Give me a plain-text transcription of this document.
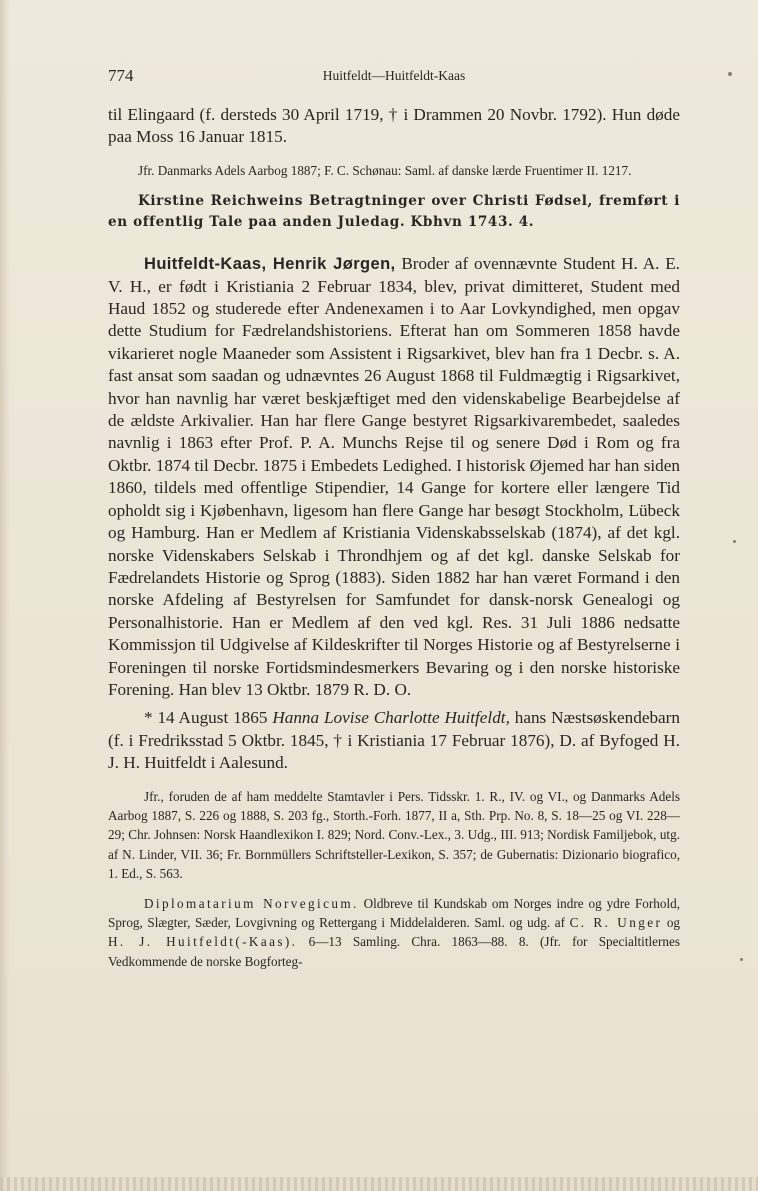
774	Huitfeldt—Huitfeldt-Kaas

til Elingaard (f. dersteds 30 April 1719, † i Drammen 20 Novbr. 1792). Hun døde paa Moss 16 Januar 1815.

Jfr. Danmarks Adels Aarbog 1887; F. C. Schønau: Saml. af danske lærde Fruentimer II. 1217.

Kirstine Reichweins Betragtninger over Christi Fødsel, fremført i en offentlig Tale paa anden Juledag. Kbhvn 1743. 4.

Huitfeldt-Kaas, Henrik Jørgen, Broder af ovennævnte Student H. A. E. V. H., er født i Kristiania 2 Februar 1834, blev, privat dimitteret, Student med Haud 1852 og studerede efter Andenexamen i to Aar Lovkyndighed, men opgav dette Studium for Fædrelandshistoriens. Efterat han om Sommeren 1858 havde vikarieret nogle Maaneder som Assistent i Rigsarkivet, blev han fra 1 Decbr. s. A. fast ansat som saadan og udnævntes 26 August 1868 til Fuldmægtig i Rigsarkivet, hvor han navnlig har været beskjæftiget med den videnskabelige Bearbejdelse af de ældste Arkivalier. Han har flere Gange bestyret Rigsarkivarembedet, saaledes navnlig i 1863 efter Prof. P. A. Munchs Rejse til og senere Død i Rom og fra Oktbr. 1874 til Decbr. 1875 i Embedets Ledighed. I historisk Øjemed har han siden 1860, tildels med offentlige Stipendier, 14 Gange for kortere eller længere Tid opholdt sig i Kjøbenhavn, ligesom han flere Gange har besøgt Stockholm, Lübeck og Hamburg. Han er Medlem af Kristiania Videnskabsselskab (1874), af det kgl. norske Videnskabers Selskab i Throndhjem og af det kgl. danske Selskab for Fædrelandets Historie og Sprog (1883). Siden 1882 har han været Formand i den norske Afdeling af Bestyrelsen for Samfundet for dansk-norsk Genealogi og Personalhistorie. Han er Medlem af den ved kgl. Res. 31 Juli 1886 nedsatte Kommissjon til Udgivelse af Kildeskrifter til Norges Historie og af Bestyrelserne i Foreningen til norske Fortidsmindesmerkers Bevaring og i den norske historiske Forening. Han blev 13 Oktbr. 1879 R. D. O.

* 14 August 1865 Hanna Lovise Charlotte Huitfeldt, hans Næstsøskendebarn (f. i Fredriksstad 5 Oktbr. 1845, † i Kristiania 17 Februar 1876), D. af Byfoged H. J. H. Huitfeldt i Aalesund.

Jfr., foruden de af ham meddelte Stamtavler i Pers. Tidsskr. 1. R., IV. og VI., og Danmarks Adels Aarbog 1887, S. 226 og 1888, S. 203 fg., Storth.-Forh. 1877, II a, Sth. Prp. No. 8, S. 18—25 og VI. 228—29; Chr. Johnsen: Norsk Haandlexikon I. 829; Nord. Conv.-Lex., 3. Udg., III. 913; Nordisk Familjebok, utg. af N. Linder, VII. 36; Fr. Bornmüllers Schriftsteller-Lexikon, S. 357; de Gubernatis: Dizionario biografico, 1. Ed., S. 563.

Diplomatarium Norvegicum. Oldbreve til Kundskab om Norges indre og ydre Forhold, Sprog, Slægter, Sæder, Lovgivning og Rettergang i Middelalderen. Saml. og udg. af C. R. Unger og H. J. Huitfeldt(-Kaas). 6—13 Samling. Chra. 1863—88. 8. (Jfr. for Specialtitlernes Vedkommende de norske Bogforteg-
